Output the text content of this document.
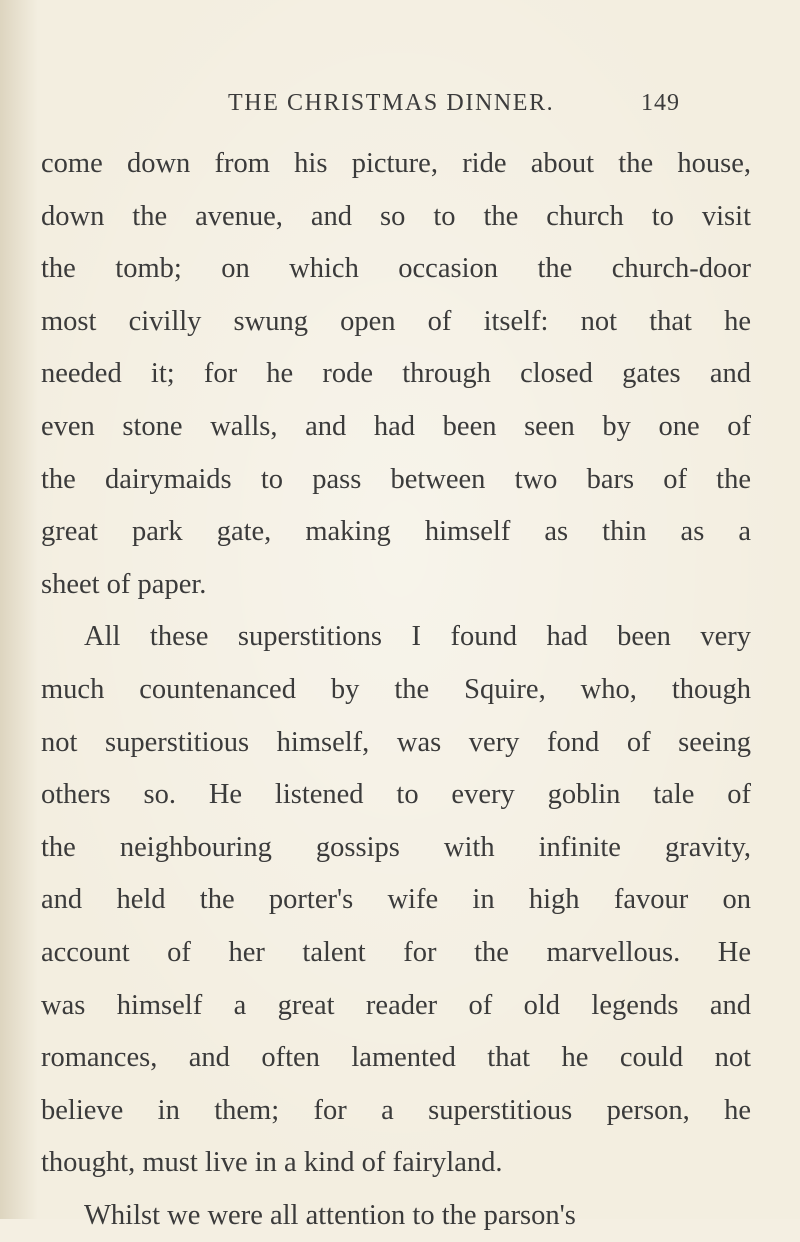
THE CHRISTMAS DINNER.	149
come down from his picture, ride about the house,
down the avenue, and so to the church to visit
the tomb; on which occasion the church-door
most civilly swung open of itself: not that he
needed it; for he rode through closed gates and
even stone walls, and had been seen by one of
the dairymaids to pass between two bars of the
great park gate, making himself as thin as a
sheet of paper.
All these superstitions I found had been very
much countenanced by the Squire, who, though
not superstitious himself, was very fond of seeing
others so. He listened to every goblin tale of
the neighbouring gossips with infinite gravity,
and held the porter's wife in high favour on
account of her talent for the marvellous. He
was himself a great reader of old legends and
romances, and often lamented that he could not
believe in them; for a superstitious person, he
thought, must live in a kind of fairyland.
Whilst we were all attention to the parson's
